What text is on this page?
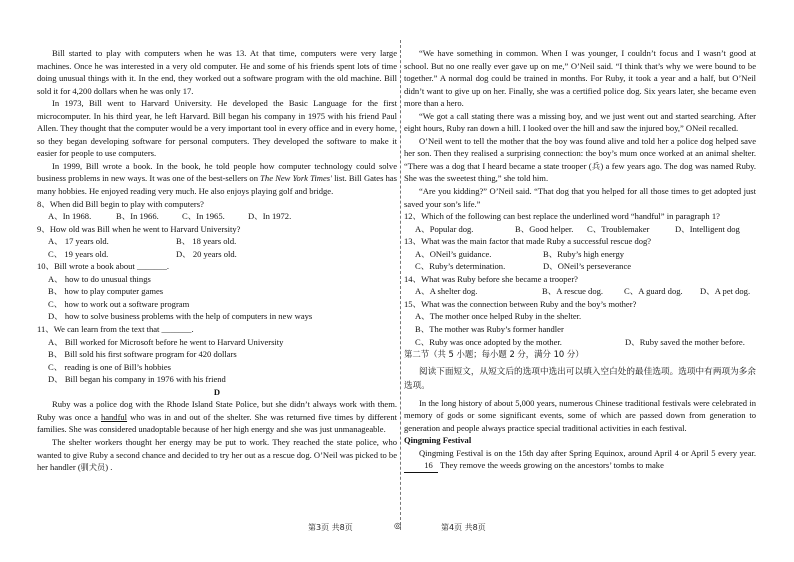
Bill started to play with computers when he was 13. At that time, computers were very large machines. Once he was interested in a very old computer. He and some of his friends spent lots of time doing unusual things with it. In the end, they worked out a software program with the old machine. Bill sold it for 4,200 dollars when he was only 17.

In 1973, Bill went to Harvard University. He developed the Basic Language for the first microcomputer. In his third year, he left Harvard. Bill began his company in 1975 with his friend Paul Allen. They thought that the computer would be a very important tool in every office and in every home, so they began developing software for personal computers. They developed the software to make it easier for people to use computers.

In 1999, Bill wrote a book. In the book, he told people how computer technology could solve business problems in new ways. It was one of the best-sellers on The New York Times' list. Bill Gates has many hobbies. He enjoyed reading very much. He also enjoys playing golf and bridge.

8、When did Bill begin to play with computers?
A、In 1968.	B、In 1966.	C、In 1965.	D、In 1972.
9、How old was Bill when he went to Harvard University?
A、 17 years old.	B、 18 years old.
C、 19 years old.	D、 20 years old.
10、Bill wrote a book about _______.
A、 how to do unusual things
B、 how to play computer games
C、 how to work out a software program
D、 how to solve business problems with the help of computers in new ways
11、We can learn from the text that _______.
A、 Bill worked for Microsoft before he went to Harvard University
B、 Bill sold his first software program for 420 dollars
C、 reading is one of Bill’s hobbies
D、 Bill began his company in 1976 with his friend
D

Ruby was a police dog with the Rhode Island State Police, but she didn’t always work with them. Ruby was once a handful who was in and out of the shelter. She was returned five times by different families. She was considered unadoptable because of her high energy and she was just unmanageable.

The shelter workers thought her energy may be put to work. They reached the state police, who wanted to give Ruby a second chance and decided to try her out as a rescue dog. O’Neil was picked to be her handler (驯犬员) .

“We have something in common. When I was younger, I couldn’t focus and I wasn’t good at school. But no one really ever gave up on me,” O’Neil said. “I think that’s why we were bound to be together.” A normal dog could be trained in months. For Ruby, it took a year and a half, but O’Neil didn’t want to give up on her. Finally, she was a certified police dog. Six years later, she became even more than a hero.

“We got a call stating there was a missing boy, and we just went out and started searching. After eight hours, Ruby ran down a hill. I looked over the hill and saw the injured boy,” ONeil recalled.

O’Neil went to tell the mother that the boy was found alive and told her a police dog helped save her son. Then they realised a surprising connection: the boy’s mum once worked at an animal shelter. “There was a dog that I heard became a state trooper (兵) a few years ago. The dog was named Ruby. She was the sweetest thing,” she told him.

“Are you kidding?” O’Neil said. “That dog that you helped for all those times to get adopted just saved your son’s life.”

12、Which of the following can best replace the underlined word “handful” in paragraph 1?
A、Popular dog.	B、Good helper.	C、Troublemaker	D、Intelligent dog
13、What was the main factor that made Ruby a successful rescue dog?
A、ONeil’s guidance.	B、Ruby’s high energy
C、Ruby’s determination.	D、ONeil’s perseverance
14、What was Ruby before she became a trooper?
A、A shelter dog.	B、A rescue dog.	C、A guard dog.	D、A pet dog.
15、What was the connection between Ruby and the boy’s mother?
A、The mother once helped Ruby in the shelter.
B、The mother was Ruby’s former handler
C、Ruby was once adopted by the mother.	D、Ruby saved the mother before.
第二节（共 5 小题；每小题 2 分，满分 10 分）

阅读下面短文，从短文后的选项中选出可以填入空白处的最佳选项。选项中有两项为多余选项。

In the long history of about 5,000 years, numerous Chinese traditional festivals were celebrated in memory of gods or some significant events, some of which are passed down from generation to generation and people always practice special traditional activities in each festival.

Qingming Festival

Qingming Festival is on the 15th day after Spring Equinox, around April 4 or April 5 every year. 16 They remove the weeds growing on the ancestors’ tombs to make

第3页 共8页	◎	第4页 共8页
